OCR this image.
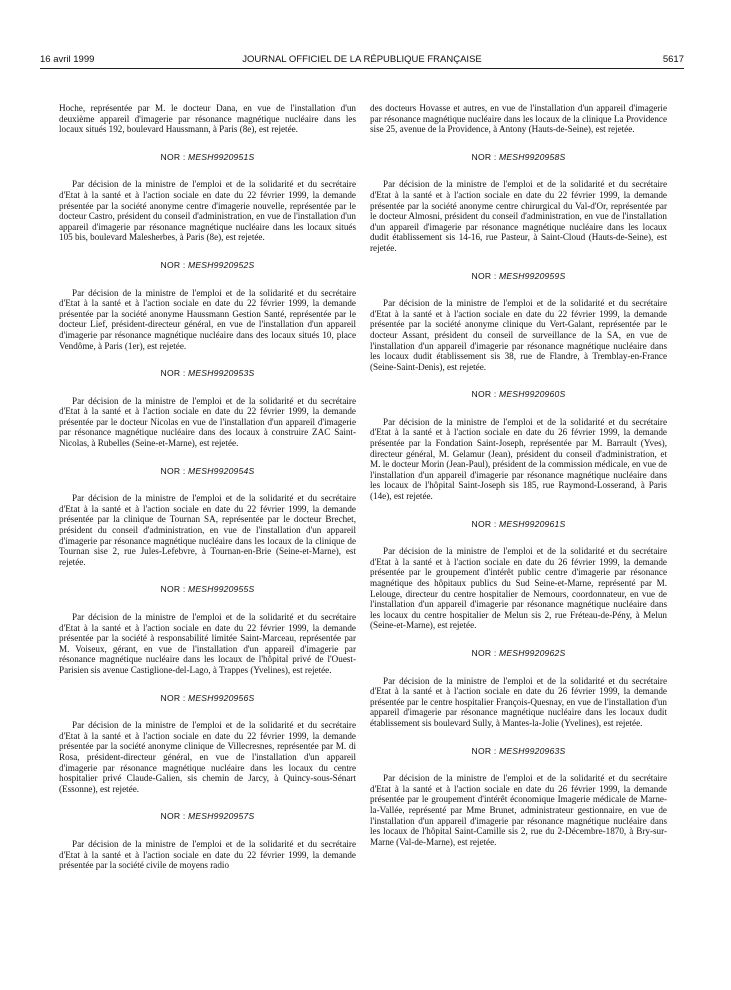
16 avril 1999	JOURNAL OFFICIEL DE LA RÉPUBLIQUE FRANÇAISE	5617

Hoche, représentée par M. le docteur Dana, en vue de l'installation d'un deuxième appareil d'imagerie par résonance magnétique nucléaire dans les locaux situés 192, boulevard Haussmann, à Paris (8e), est rejetée.

NOR : MESH9920951S

Par décision de la ministre de l'emploi et de la solidarité et du secrétaire d'Etat à la santé et à l'action sociale en date du 22 février 1999, la demande présentée par la société anonyme centre d'imagerie nouvelle, représentée par le docteur Castro, président du conseil d'administration, en vue de l'installation d'un appareil d'imagerie par résonance magnétique nucléaire dans les locaux situés 105 bis, boulevard Malesherbes, à Paris (8e), est rejetée.

NOR : MESH9920952S

Par décision de la ministre de l'emploi et de la solidarité et du secrétaire d'Etat à la santé et à l'action sociale en date du 22 février 1999, la demande présentée par la société anonyme Haussmann Gestion Santé, représentée par le docteur Lief, président-directeur général, en vue de l'installation d'un appareil d'imagerie par résonance magnétique nucléaire dans des locaux situés 10, place Vendôme, à Paris (1er), est rejetée.

NOR : MESH9920953S

Par décision de la ministre de l'emploi et de la solidarité et du secrétaire d'Etat à la santé et à l'action sociale en date du 22 février 1999, la demande présentée par le docteur Nicolas en vue de l'installation d'un appareil d'imagerie par résonance magnétique nucléaire dans des locaux à construire ZAC Saint-Nicolas, à Rubelles (Seine-et-Marne), est rejetée.

NOR : MESH9920954S

Par décision de la ministre de l'emploi et de la solidarité et du secrétaire d'Etat à la santé et à l'action sociale en date du 22 février 1999, la demande présentée par la clinique de Tournan SA, représentée par le docteur Brechet, président du conseil d'administration, en vue de l'installation d'un appareil d'imagerie par résonance magnétique nucléaire dans les locaux de la clinique de Tournan sise 2, rue Jules-Lefebvre, à Tournan-en-Brie (Seine-et-Marne), est rejetée.

NOR : MESH9920955S

Par décision de la ministre de l'emploi et de la solidarité et du secrétaire d'Etat à la santé et à l'action sociale en date du 22 février 1999, la demande présentée par la société à responsabilité limitée Saint-Marceau, représentée par M. Voiseux, gérant, en vue de l'installation d'un appareil d'imagerie par résonance magnétique nucléaire dans les locaux de l'hôpital privé de l'Ouest-Parisien sis avenue Castiglione-del-Lago, à Trappes (Yvelines), est rejetée.

NOR : MESH9920956S

Par décision de la ministre de l'emploi et de la solidarité et du secrétaire d'Etat à la santé et à l'action sociale en date du 22 février 1999, la demande présentée par la société anonyme clinique de Villecresnes, représentée par M. di Rosa, président-directeur général, en vue de l'installation d'un appareil d'imagerie par résonance magnétique nucléaire dans les locaux du centre hospitalier privé Claude-Galien, sis chemin de Jarcy, à Quincy-sous-Sénart (Essonne), est rejetée.

NOR : MESH9920957S

Par décision de la ministre de l'emploi et de la solidarité et du secrétaire d'Etat à la santé et à l'action sociale en date du 22 février 1999, la demande présentée par la société civile de moyens radio

des docteurs Hovasse et autres, en vue de l'installation d'un appareil d'imagerie par résonance magnétique nucléaire dans les locaux de la clinique La Providence sise 25, avenue de la Providence, à Antony (Hauts-de-Seine), est rejetée.

NOR : MESH9920958S

Par décision de la ministre de l'emploi et de la solidarité et du secrétaire d'Etat à la santé et à l'action sociale en date du 22 février 1999, la demande présentée par la société anonyme centre chirurgical du Val-d'Or, représentée par le docteur Almosni, président du conseil d'administration, en vue de l'installation d'un appareil d'imagerie par résonance magnétique nucléaire dans les locaux dudit établissement sis 14-16, rue Pasteur, à Saint-Cloud (Hauts-de-Seine), est rejetée.

NOR : MESH9920959S

Par décision de la ministre de l'emploi et de la solidarité et du secrétaire d'Etat à la santé et à l'action sociale en date du 22 février 1999, la demande présentée par la société anonyme clinique du Vert-Galant, représentée par le docteur Assant, président du conseil de surveillance de la SA, en vue de l'installation d'un appareil d'imagerie par résonance magnétique nucléaire dans les locaux dudit établissement sis 38, rue de Flandre, à Tremblay-en-France (Seine-Saint-Denis), est rejetée.

NOR : MESH9920960S

Par décision de la ministre de l'emploi et de la solidarité et du secrétaire d'Etat à la santé et à l'action sociale en date du 26 février 1999, la demande présentée par la Fondation Saint-Joseph, représentée par M. Barrault (Yves), directeur général, M. Gelamur (Jean), président du conseil d'administration, et M. le docteur Morin (Jean-Paul), président de la commission médicale, en vue de l'installation d'un appareil d'imagerie par résonance magnétique nucléaire dans les locaux de l'hôpital Saint-Joseph sis 185, rue Raymond-Losserand, à Paris (14e), est rejetée.

NOR : MESH9920961S

Par décision de la ministre de l'emploi et de la solidarité et du secrétaire d'Etat à la santé et à l'action sociale en date du 26 février 1999, la demande présentée par le groupement d'intérêt public centre d'imagerie par résonance magnétique des hôpitaux publics du Sud Seine-et-Marne, représenté par M. Lelouge, directeur du centre hospitalier de Nemours, coordonnateur, en vue de l'installation d'un appareil d'imagerie par résonance magnétique nucléaire dans les locaux du centre hospitalier de Melun sis 2, rue Fréteau-de-Pény, à Melun (Seine-et-Marne), est rejetée.

NOR : MESH9920962S

Par décision de la ministre de l'emploi et de la solidarité et du secrétaire d'Etat à la santé et à l'action sociale en date du 26 février 1999, la demande présentée par le centre hospitalier François-Quesnay, en vue de l'installation d'un appareil d'imagerie par résonance magnétique nucléaire dans les locaux dudit établissement sis boulevard Sully, à Mantes-la-Jolie (Yvelines), est rejetée.

NOR : MESH9920963S

Par décision de la ministre de l'emploi et de la solidarité et du secrétaire d'Etat à la santé et à l'action sociale en date du 26 février 1999, la demande présentée par le groupement d'intérêt économique Imagerie médicale de Marne-la-Vallée, représenté par Mme Brunet, administrateur gestionnaire, en vue de l'installation d'un appareil d'imagerie par résonance magnétique nucléaire dans les locaux de l'hôpital Saint-Camille sis 2, rue du 2-Décembre-1870, à Bry-sur-Marne (Val-de-Marne), est rejetée.
